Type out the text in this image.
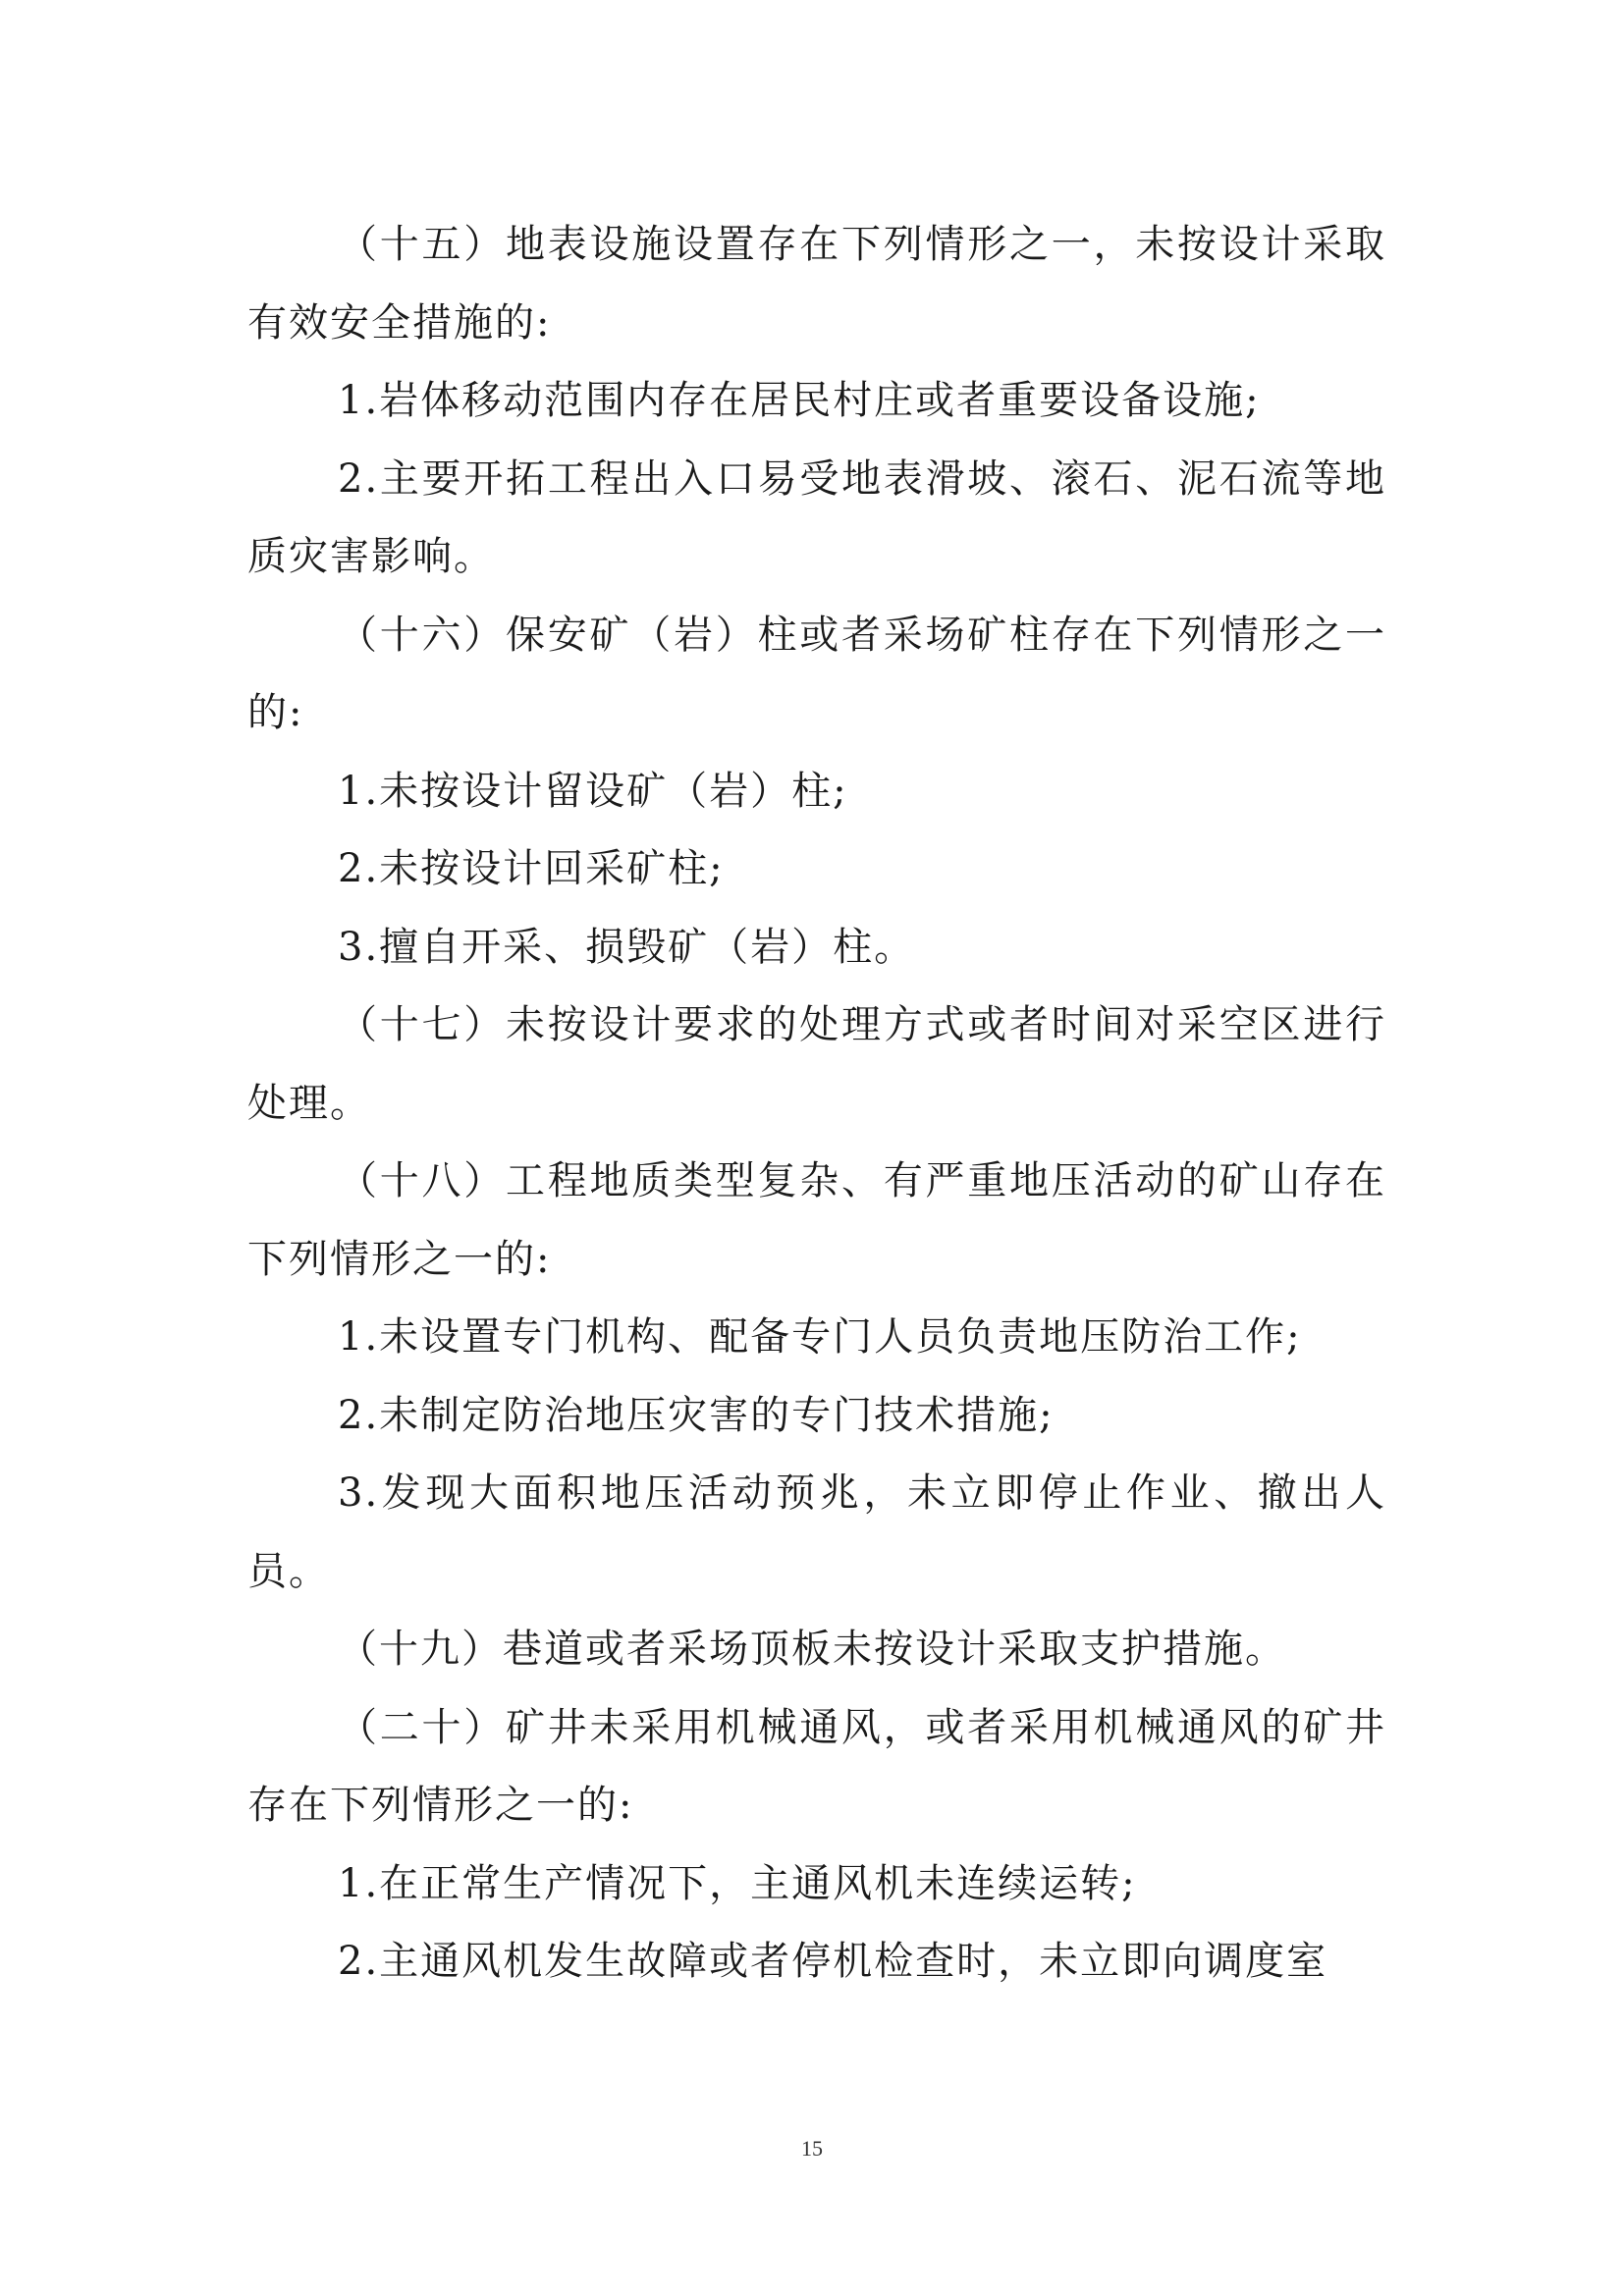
（十五）地表设施设置存在下列情形之一，未按设计采取有效安全措施的:

1.岩体移动范围内存在居民村庄或者重要设备设施;

2.主要开拓工程出入口易受地表滑坡、滚石、泥石流等地质灾害影响。

（十六）保安矿（岩）柱或者采场矿柱存在下列情形之一的:

1.未按设计留设矿（岩）柱;

2.未按设计回采矿柱;

3.擅自开采、损毁矿（岩）柱。

（十七）未按设计要求的处理方式或者时间对采空区进行处理。

（十八）工程地质类型复杂、有严重地压活动的矿山存在下列情形之一的:

1.未设置专门机构、配备专门人员负责地压防治工作;

2.未制定防治地压灾害的专门技术措施;

3.发现大面积地压活动预兆，未立即停止作业、撤出人员。

（十九）巷道或者采场顶板未按设计采取支护措施。

（二十）矿井未采用机械通风，或者采用机械通风的矿井存在下列情形之一的:

1.在正常生产情况下，主通风机未连续运转;

2.主通风机发生故障或者停机检查时，未立即向调度室

15
